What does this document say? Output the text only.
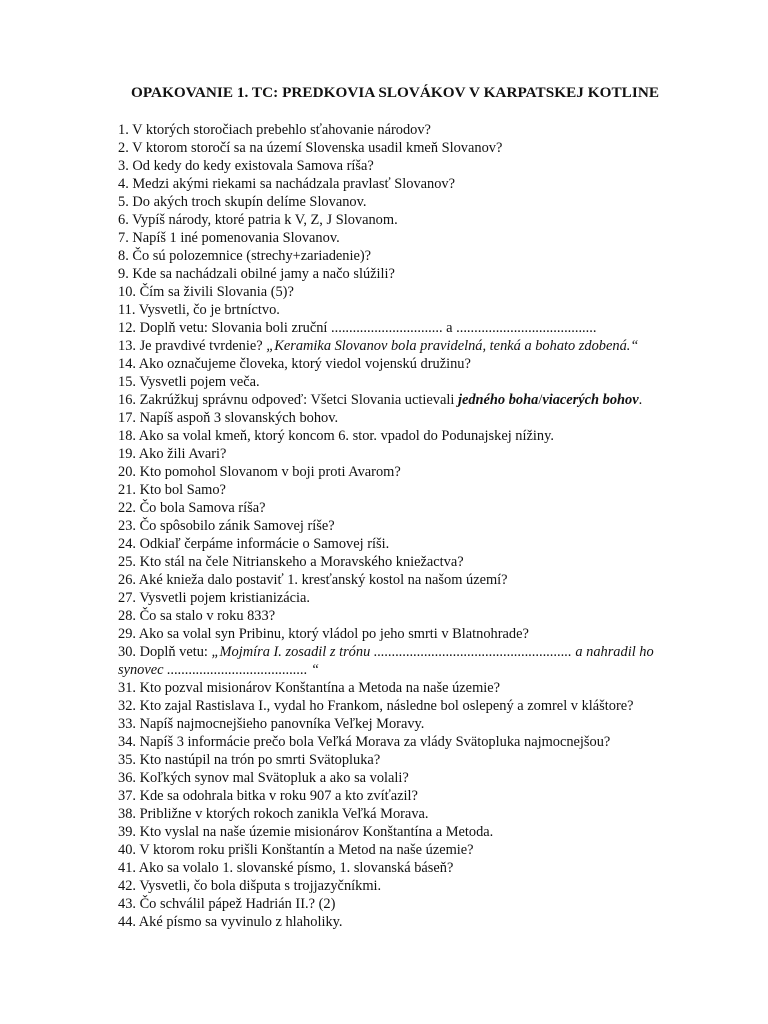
OPAKOVANIE 1. TC: PREDKOVIA SLOVÁKOV V KARPATSKEJ KOTLINE
1. V ktorých storočiach prebehlo sťahovanie národov?
2. V ktorom storočí sa na území Slovenska usadil kmeň Slovanov?
3. Od kedy do kedy existovala Samova ríša?
4. Medzi akými riekami sa nachádzala pravlasť Slovanov?
5. Do akých troch skupín delíme Slovanov.
6. Vypíš národy, ktoré patria k V, Z, J Slovanom.
7. Napíš 1 iné pomenovania Slovanov.
8. Čo sú polozemnice (strechy+zariadenie)?
9. Kde sa nachádzali obilné jamy a načo slúžili?
10. Čím sa živili Slovania (5)?
11. Vysvetli, čo je brtníctvo.
12. Doplň vetu: Slovania boli zruční ............................... a .......................................
13. Je pravdivé tvrdenie? „Keramika Slovanov bola pravidelná, tenká a bohato zdobená.“
14. Ako označujeme človeka, ktorý viedol vojenskú družinu?
15. Vysvetli pojem veča.
16. Zakrúžkuj správnu odpoveď: Všetci Slovania uctievali jedného boha/viacerých bohov.
17. Napíš aspoň 3 slovanských bohov.
18. Ako sa volal kmeň, ktorý koncom 6. stor. vpadol do Podunajskej nížiny.
19. Ako žili Avari?
20. Kto pomohol Slovanom v boji proti Avarom?
21. Kto bol Samo?
22. Čo bola Samova ríša?
23. Čo spôsobilo zánik Samovej ríše?
24. Odkiaľ čerpáme informácie o Samovej ríši.
25. Kto stál na čele Nitrianskeho a Moravského kniežactva?
26. Aké knieža dalo postaviť 1. kresťanský kostol na našom území?
27. Vysvetli pojem kristianizácia.
28. Čo sa stalo v roku 833?
29. Ako sa volal syn Pribinu, ktorý vládol po jeho smrti v Blatnohrade?
30. Doplň vetu: „Mojmíra I. zosadil z trónu ....................................................... a nahradil ho synovec ....................................... “
31. Kto pozval misionárov Konštantína a Metoda na naše územie?
32. Kto zajal Rastislava I., vydal ho Frankom, následne bol oslepený a zomrel v kláštore?
33. Napíš najmocnejšieho panovníka Veľkej Moravy.
34. Napíš 3 informácie prečo bola Veľká Morava za vlády Svätopluka najmocnejšou?
35. Kto nastúpil na trón po smrti Svätopluka?
36. Koľkých synov mal Svätopluk a ako sa volali?
37. Kde sa odohrala bitka v roku 907 a kto zvíťazil?
38. Približne v ktorých rokoch zanikla Veľká Morava.
39. Kto vyslal na naše územie misionárov Konštantína a Metoda.
40. V ktorom roku prišli Konštantín a Metod na naše územie?
41. Ako sa volalo 1. slovanské písmo, 1. slovanská báseň?
42. Vysvetli, čo bola dišputa s trojjazyčníkmi.
43. Čo schválil pápež Hadrián II.? (2)
44. Aké písmo sa vyvinulo z hlaholiky.
